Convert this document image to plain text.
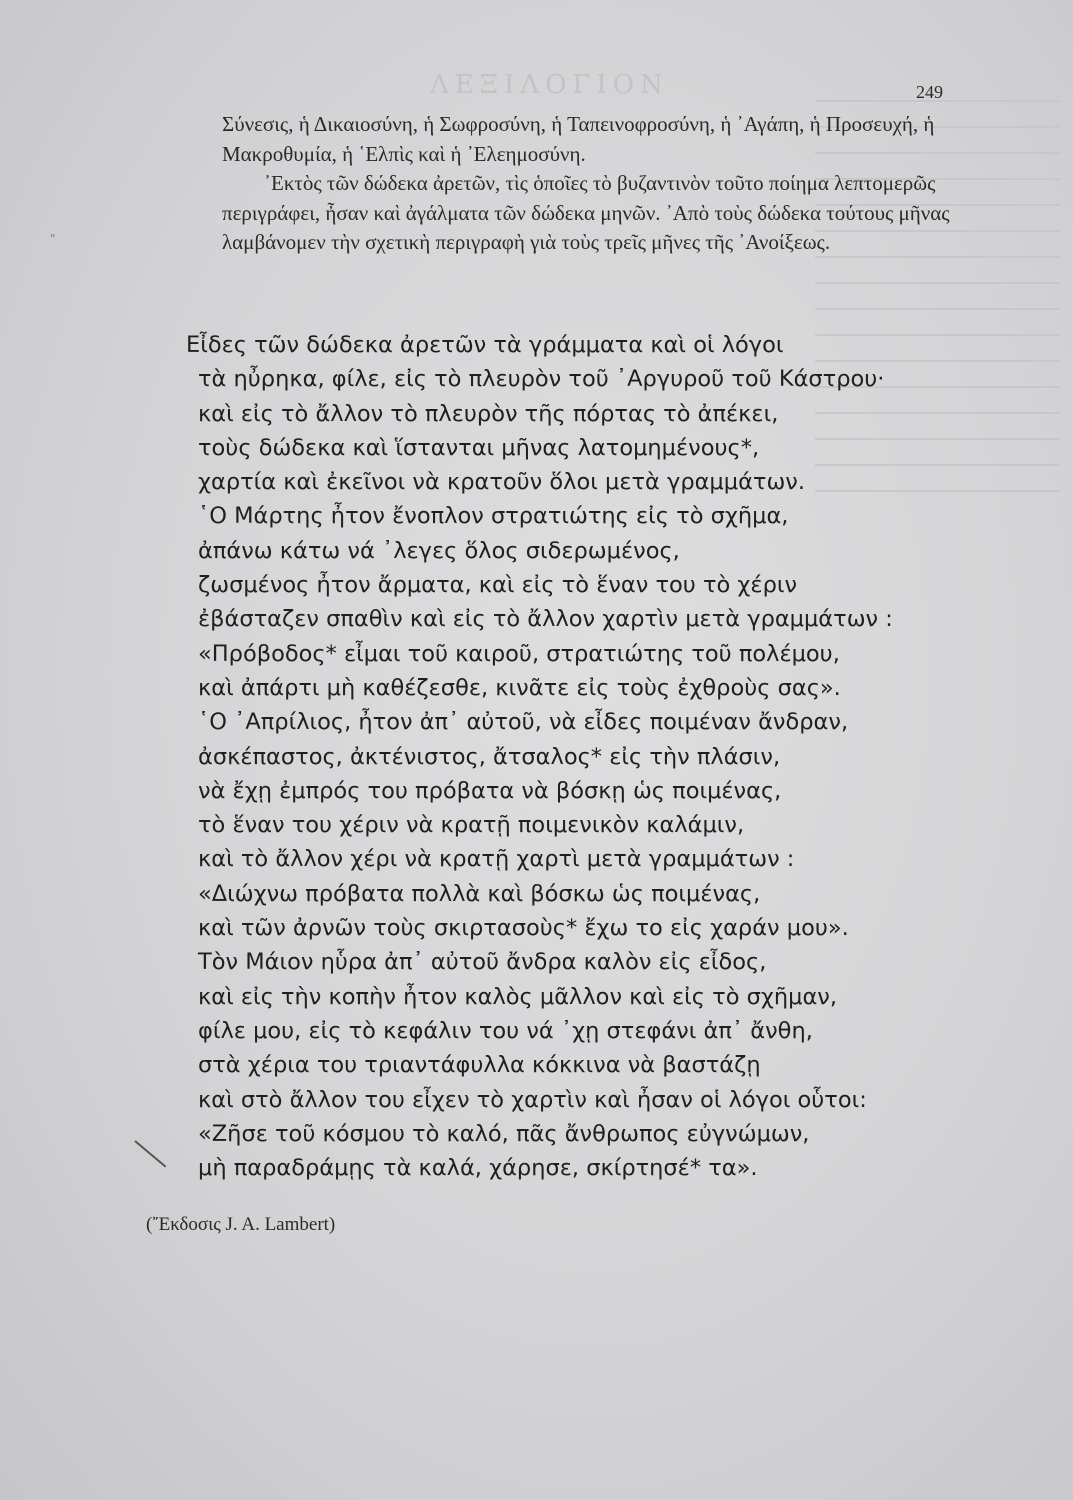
ΛΕΞΙΛΟΓΙΟΝ
"
249

Σύνεσις, ἡ Δικαιοσύνη, ἡ Σωφροσύνη, ἡ Ταπεινοφροσύνη, ἡ ᾿Αγάπη, ἡ Προσευχή, ἡ Μακροθυμία, ἡ ῾Ελπὶς καὶ ἡ ᾿Ελεημοσύνη.

᾿Εκτὸς τῶν δώδεκα ἀρετῶν, τὶς ὁποῖες τὸ βυζαντινὸν τοῦτο ποίημα λεπτομερῶς περιγράφει, ἦσαν καὶ ἀγάλματα τῶν δώδεκα μηνῶν. ᾿Απὸ τοὺς δώδεκα τούτους μῆνας λαμβάνομεν τὴν σχετικὴ περιγραφὴ γιὰ τοὺς τρεῖς μῆνες τῆς ᾿Ανοίξεως.

Εἶδες τῶν δώδεκα ἀρετῶν τὰ γράμματα καὶ οἱ λόγοι
τὰ ηὖρηκα, φίλε, εἰς τὸ πλευρὸν τοῦ ᾿Αργυροῦ τοῦ Κάστρου·
καὶ εἰς τὸ ἄλλον τὸ πλευρὸν τῆς πόρτας τὸ ἀπέκει,
τοὺς δώδεκα καὶ ἵστανται μῆνας λατομημένους*,
χαρτία καὶ ἐκεῖνοι νὰ κρατοῦν ὅλοι μετὰ γραμμάτων.
῾Ο Μάρτης ἦτον ἔνοπλον στρατιώτης εἰς τὸ σχῆμα,
ἀπάνω κάτω νά ᾿λεγες ὅλος σιδερωμένος,
ζωσμένος ἦτον ἄρματα, καὶ εἰς τὸ ἕναν του τὸ χέριν
ἐβάσταζεν σπαθὶν καὶ εἰς τὸ ἄλλον χαρτὶν μετὰ γραμμάτων :
«Πρόβοδος* εἶμαι τοῦ καιροῦ, στρατιώτης τοῦ πολέμου,
καὶ ἀπάρτι μὴ καθέζεσθε, κινᾶτε εἰς τοὺς ἐχθροὺς σας».
῾Ο ᾿Απρίλιος, ἦτον ἀπ᾿ αὐτοῦ, νὰ εἶδες ποιμέναν ἄνδραν,
ἀσκέπαστος, ἀκτένιστος, ἄτσαλος* εἰς τὴν πλάσιν,
νὰ ἔχῃ ἐμπρός του πρόβατα νὰ βόσκῃ ὡς ποιμένας,
τὸ ἕναν του χέριν νὰ κρατῇ ποιμενικὸν καλάμιν,
καὶ τὸ ἄλλον χέρι νὰ κρατῇ χαρτὶ μετὰ γραμμάτων :
«Διώχνω πρόβατα πολλὰ καὶ βόσκω ὡς ποιμένας,
καὶ τῶν ἀρνῶν τοὺς σκιρτασοὺς* ἔχω το εἰς χαράν μου».
Τὸν Μάιον ηὗρα ἀπ᾿ αὐτοῦ ἄνδρα καλὸν εἰς εἶδος,
καὶ εἰς τὴν κοπὴν ἦτον καλὸς μᾶλλον καὶ εἰς τὸ σχῆμαν,
φίλε μου, εἰς τὸ κεφάλιν του νά ᾿χῃ στεφάνι ἀπ᾿ ἄνθη,
στὰ χέρια του τριαντάφυλλα κόκκινα νὰ βαστάζῃ
καὶ στὸ ἄλλον του εἶχεν τὸ χαρτὶν καὶ ἦσαν οἱ λόγοι οὗτοι:
«Ζῆσε τοῦ κόσμου τὸ καλό, πᾶς ἄνθρωπος εὐγνώμων,
μὴ παραδράμῃς τὰ καλά, χάρησε, σκίρτησέ* τα».
(῎Εκδοσις J. A. Lambert)
